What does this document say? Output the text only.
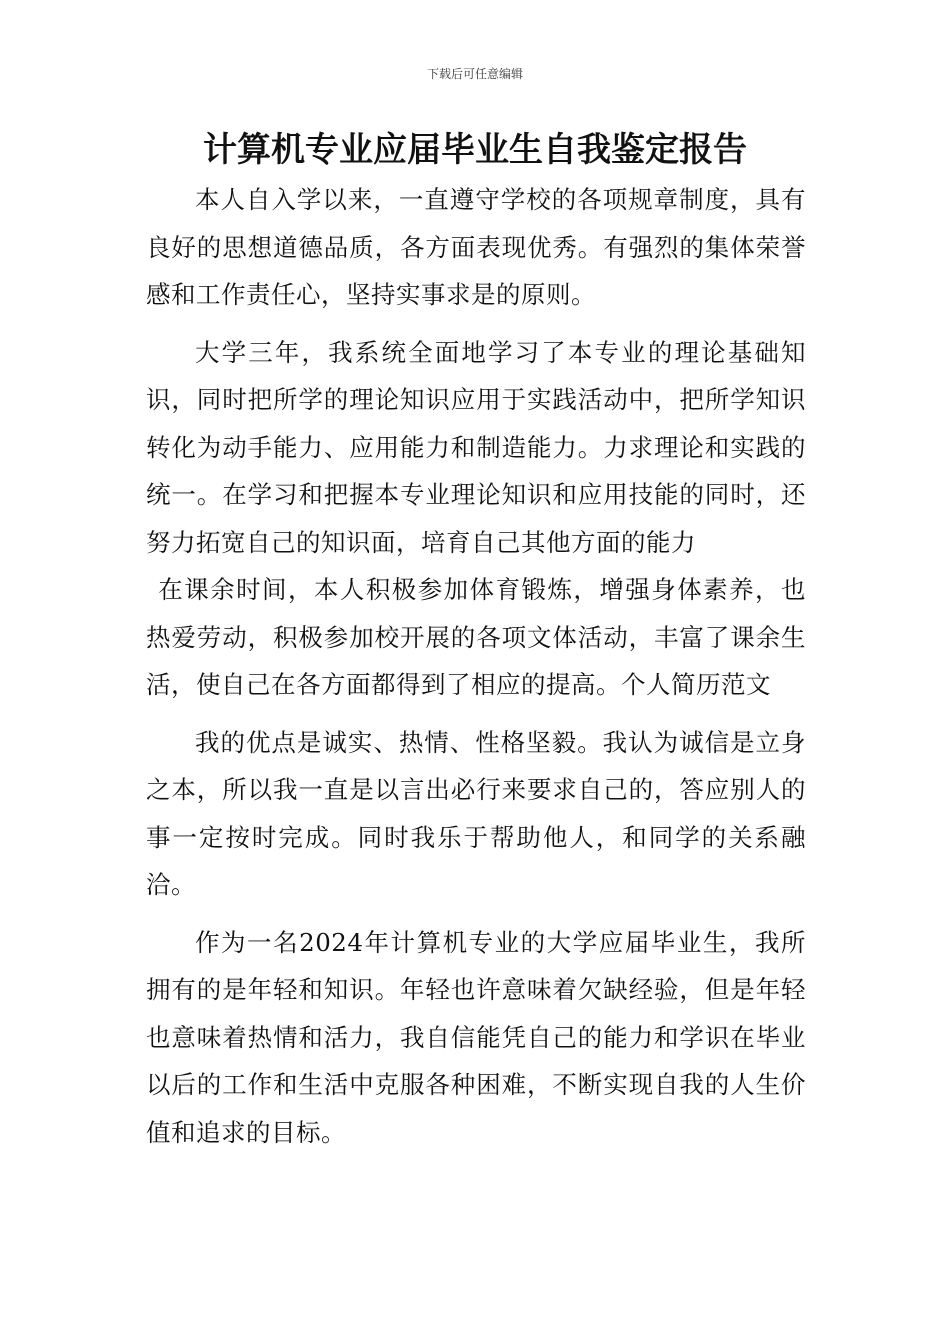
下载后可任意编辑
计算机专业应届毕业生自我鉴定报告

本人自入学以来，一直遵守学校的各项规章制度，具有良好的思想道德品质，各方面表现优秀。有强烈的集体荣誉感和工作责任心，坚持实事求是的原则。

大学三年，我系统全面地学习了本专业的理论基础知识，同时把所学的理论知识应用于实践活动中，把所学知识转化为动手能力、应用能力和制造能力。力求理论和实践的统一。在学习和把握本专业理论知识和应用技能的同时，还努力拓宽自己的知识面，培育自己其他方面的能力

在课余时间，本人积极参加体育锻炼，增强身体素养，也热爱劳动，积极参加校开展的各项文体活动，丰富了课余生活，使自己在各方面都得到了相应的提高。个人简历范文

我的优点是诚实、热情、性格坚毅。我认为诚信是立身之本，所以我一直是以言出必行来要求自己的，答应别人的事一定按时完成。同时我乐于帮助他人，和同学的关系融洽。

作为一名2024年计算机专业的大学应届毕业生，我所拥有的是年轻和知识。年轻也许意味着欠缺经验，但是年轻也意味着热情和活力，我自信能凭自己的能力和学识在毕业以后的工作和生活中克服各种困难，不断实现自我的人生价值和追求的目标。
